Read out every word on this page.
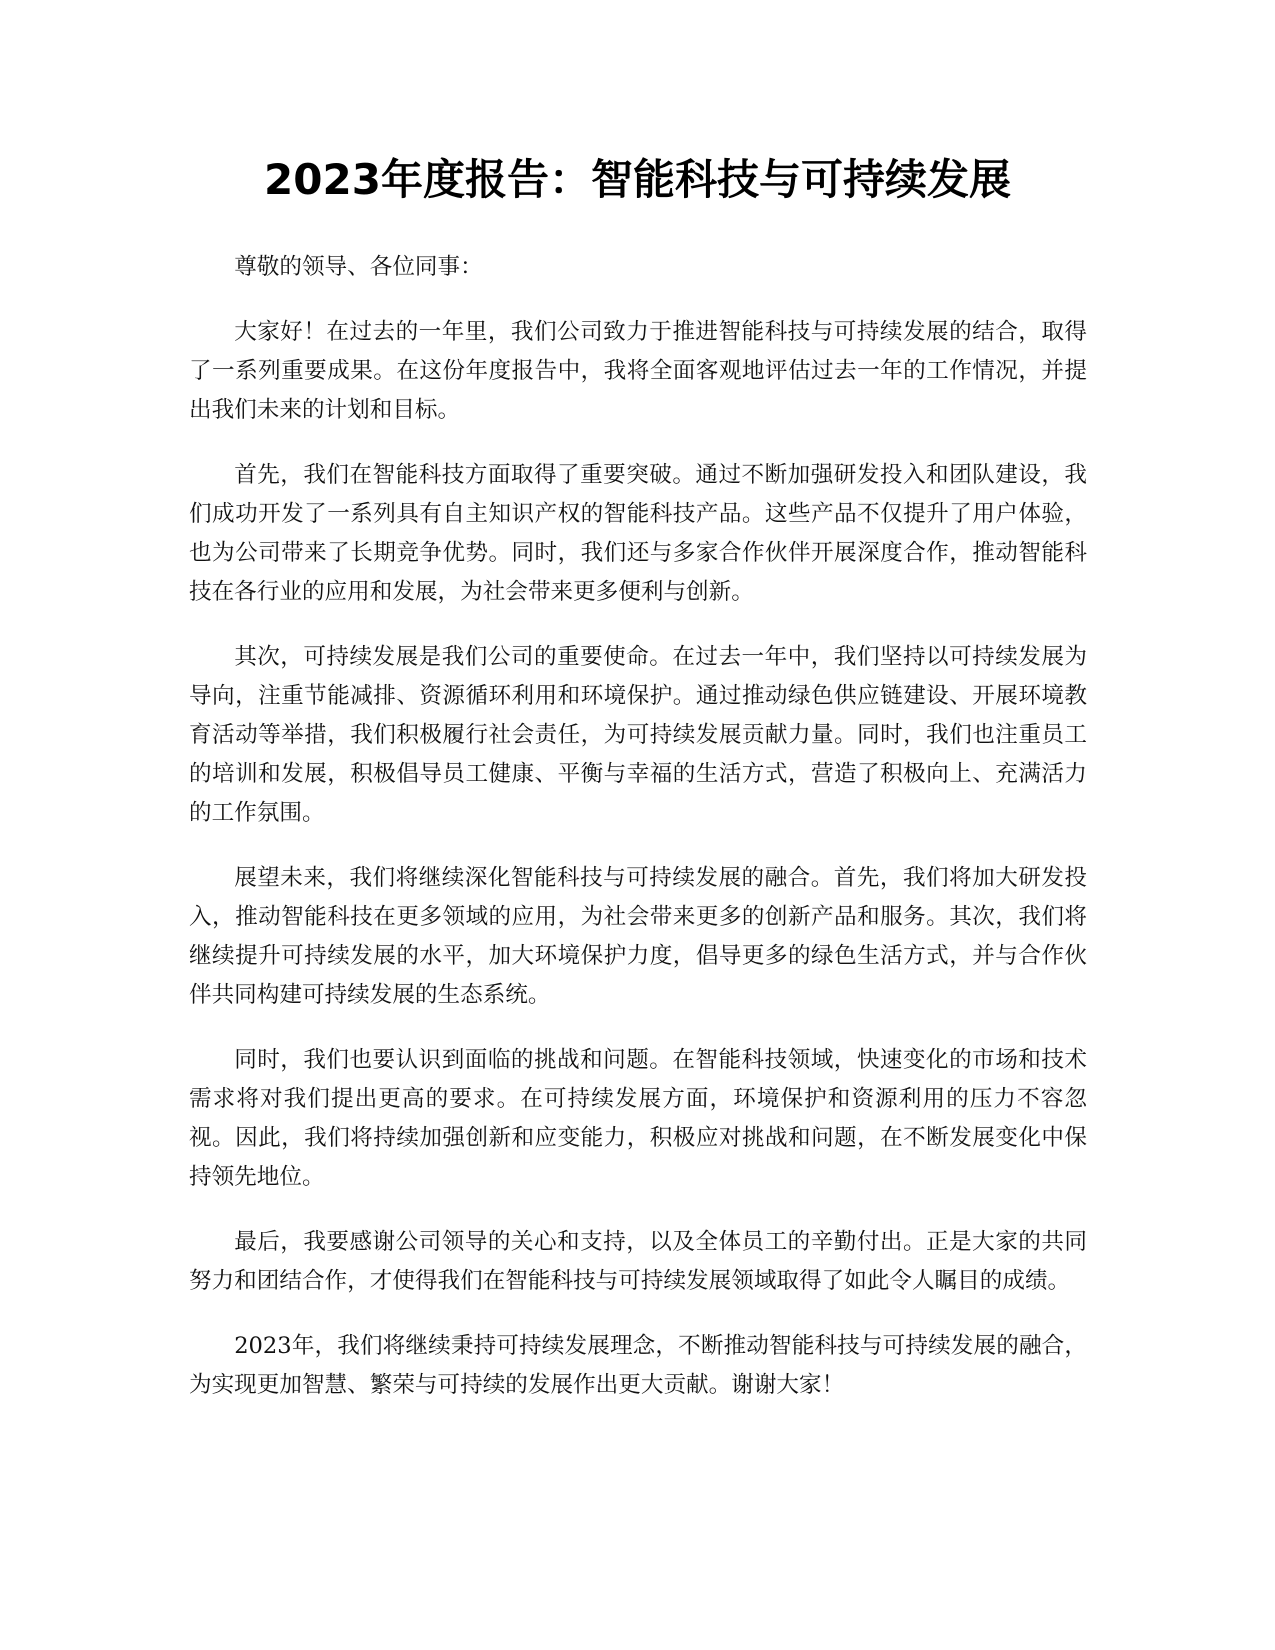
2023年度报告：智能科技与可持续发展

尊敬的领导、各位同事：

大家好！在过去的一年里，我们公司致力于推进智能科技与可持续发展的结合，取得了一系列重要成果。在这份年度报告中，我将全面客观地评估过去一年的工作情况，并提出我们未来的计划和目标。

首先，我们在智能科技方面取得了重要突破。通过不断加强研发投入和团队建设，我们成功开发了一系列具有自主知识产权的智能科技产品。这些产品不仅提升了用户体验，也为公司带来了长期竞争优势。同时，我们还与多家合作伙伴开展深度合作，推动智能科技在各行业的应用和发展，为社会带来更多便利与创新。

其次，可持续发展是我们公司的重要使命。在过去一年中，我们坚持以可持续发展为导向，注重节能减排、资源循环利用和环境保护。通过推动绿色供应链建设、开展环境教育活动等举措，我们积极履行社会责任，为可持续发展贡献力量。同时，我们也注重员工的培训和发展，积极倡导员工健康、平衡与幸福的生活方式，营造了积极向上、充满活力的工作氛围。

展望未来，我们将继续深化智能科技与可持续发展的融合。首先，我们将加大研发投入，推动智能科技在更多领域的应用，为社会带来更多的创新产品和服务。其次，我们将继续提升可持续发展的水平，加大环境保护力度，倡导更多的绿色生活方式，并与合作伙伴共同构建可持续发展的生态系统。

同时，我们也要认识到面临的挑战和问题。在智能科技领域，快速变化的市场和技术需求将对我们提出更高的要求。在可持续发展方面，环境保护和资源利用的压力不容忽视。因此，我们将持续加强创新和应变能力，积极应对挑战和问题，在不断发展变化中保持领先地位。

最后，我要感谢公司领导的关心和支持，以及全体员工的辛勤付出。正是大家的共同努力和团结合作，才使得我们在智能科技与可持续发展领域取得了如此令人瞩目的成绩。

2023年，我们将继续秉持可持续发展理念，不断推动智能科技与可持续发展的融合，为实现更加智慧、繁荣与可持续的发展作出更大贡献。谢谢大家！
